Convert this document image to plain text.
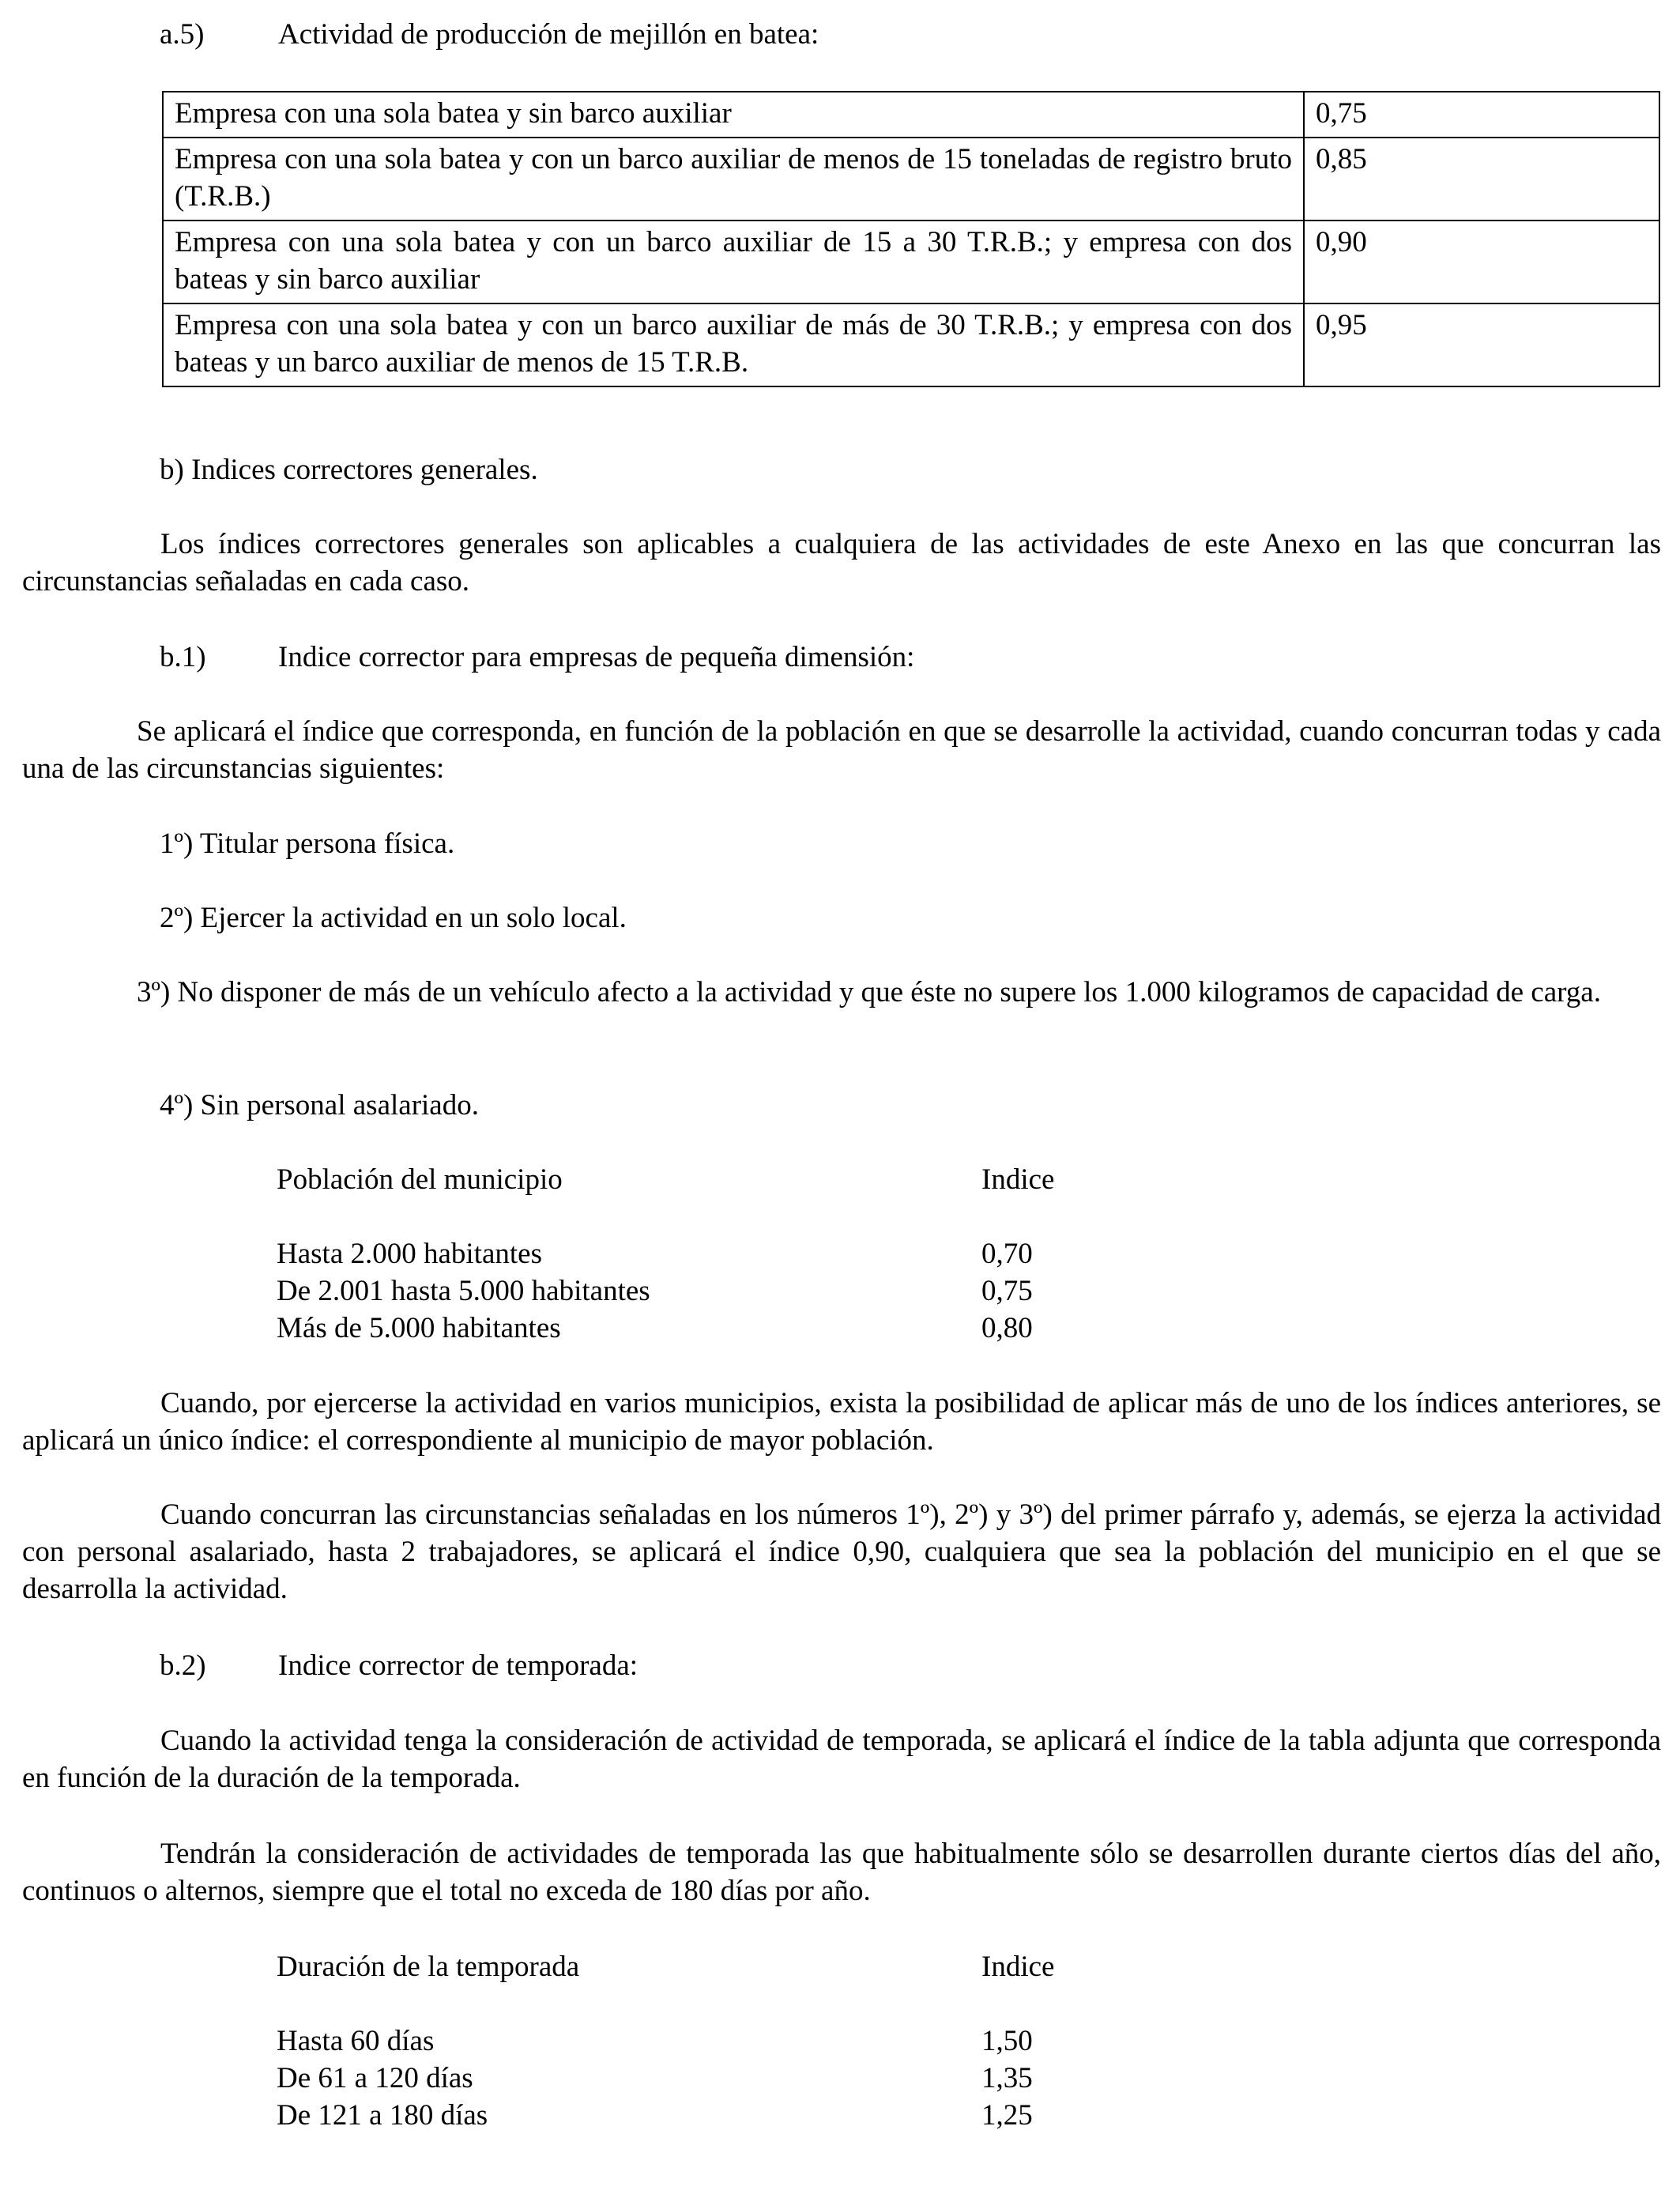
a.5)	Actividad de producción de mejillón en batea:
Empresa con una sola batea y sin barco auxiliar	0,75
Empresa con una sola batea y con un barco auxiliar de menos de 15 toneladas de registro bruto (T.R.B.)	0,85
Empresa con una sola batea y con un barco auxiliar de 15 a 30 T.R.B.; y empresa con dos bateas y sin barco auxiliar	0,90
Empresa con una sola batea y con un barco auxiliar de más de 30 T.R.B.; y empresa con dos bateas y un barco auxiliar de menos de 15 T.R.B.	0,95
b) Indices correctores generales.
Los índices correctores generales son aplicables a cualquiera de las actividades de este Anexo en las que concurran las circunstancias señaladas en cada caso.
b.1) Indice corrector para empresas de pequeña dimensión:
Se aplicará el índice que corresponda, en función de la población en que se desarrolle la actividad, cuando concurran todas y cada una de las circunstancias siguientes:
1º) Titular persona física.
2º) Ejercer la actividad en un solo local.
3º) No disponer de más de un vehículo afecto a la actividad y que éste no supere los 1.000 kilogramos de capacidad de carga.
4º) Sin personal asalariado.
Población del municipio	Indice
Hasta 2.000 habitantes	0,70
De 2.001 hasta 5.000 habitantes	0,75
Más de 5.000 habitantes	0,80
Cuando, por ejercerse la actividad en varios municipios, exista la posibilidad de aplicar más de uno de los índices anteriores, se aplicará un único índice: el correspondiente al municipio de mayor población.
Cuando concurran las circunstancias señaladas en los números 1º), 2º) y 3º) del primer párrafo y, además, se ejerza la actividad con personal asalariado, hasta 2 trabajadores, se aplicará el índice 0,90, cualquiera que sea la población del municipio en el que se desarrolla la actividad.
b.2) Indice corrector de temporada:
Cuando la actividad tenga la consideración de actividad de temporada, se aplicará el índice de la tabla adjunta que corresponda en función de la duración de la temporada.
Tendrán la consideración de actividades de temporada las que habitualmente sólo se desarrollen durante ciertos días del año, continuos o alternos, siempre que el total no exceda de 180 días por año.
Duración de la temporada	Indice
Hasta 60 días	1,50
De 61 a 120 días	1,35
De 121 a 180 días	1,25
